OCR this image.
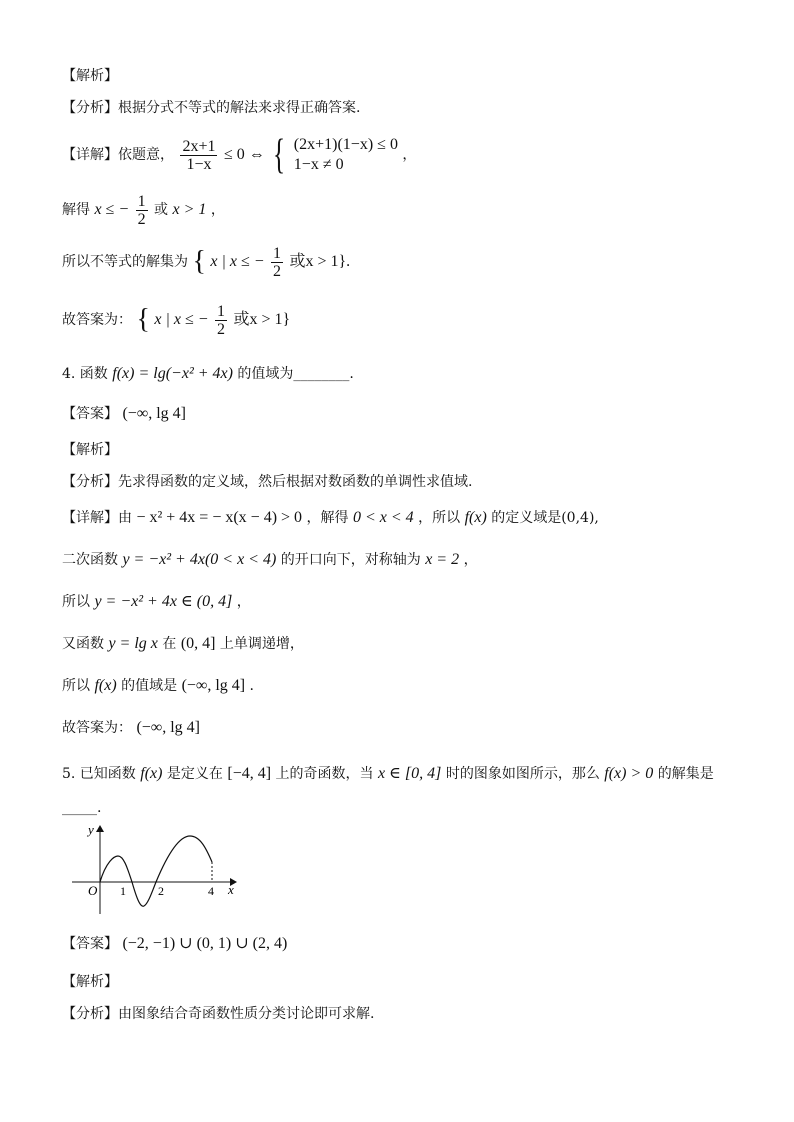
【解析】
【分析】根据分式不等式的解法来求得正确答案.
【详解】依题意， $\frac{2x+1}{1-x} \le 0$ ⇔ { (2x+1)(1−x) ≤ 0
1−x ≠ 0
，
解得 x ≤ − $\frac{1}{2}$ 或 x > 1 ，
所以不等式的解集为 { x | x ≤ − $\frac{1}{2}$ 或x > 1}.
故答案为： { x | x ≤ − $\frac{1}{2}$ 或x > 1}
4. 函数 f(x) = lg(−x² + 4x) 的值域为________.
【答案】 (−∞, lg 4]
【解析】
【分析】先求得函数的定义域，然后根据对数函数的单调性求值域.
【详解】由 − x² + 4x = − x(x − 4) > 0 ，解得 0 < x < 4 ，所以 f(x) 的定义域是(0,4),
二次函数 y = −x² + 4x(0 < x < 4) 的开口向下，对称轴为 x = 2 ，
所以 y = −x² + 4x ∈ (0, 4] ，
又函数 y = lg x 在 (0, 4] 上单调递增，
所以 f(x) 的值域是 (−∞, lg 4] .
故答案为： (−∞, lg 4]
5. 已知函数 f(x) 是定义在 [−4, 4] 上的奇函数，当 x ∈ [0, 4] 时的图象如图所示，那么 f(x) > 0 的解集是
_____.
y
x
O 1	2	4
【答案】 (−2, −1) ∪ (0, 1) ∪ (2, 4)
【解析】
【分析】由图象结合奇函数性质分类讨论即可求解.
